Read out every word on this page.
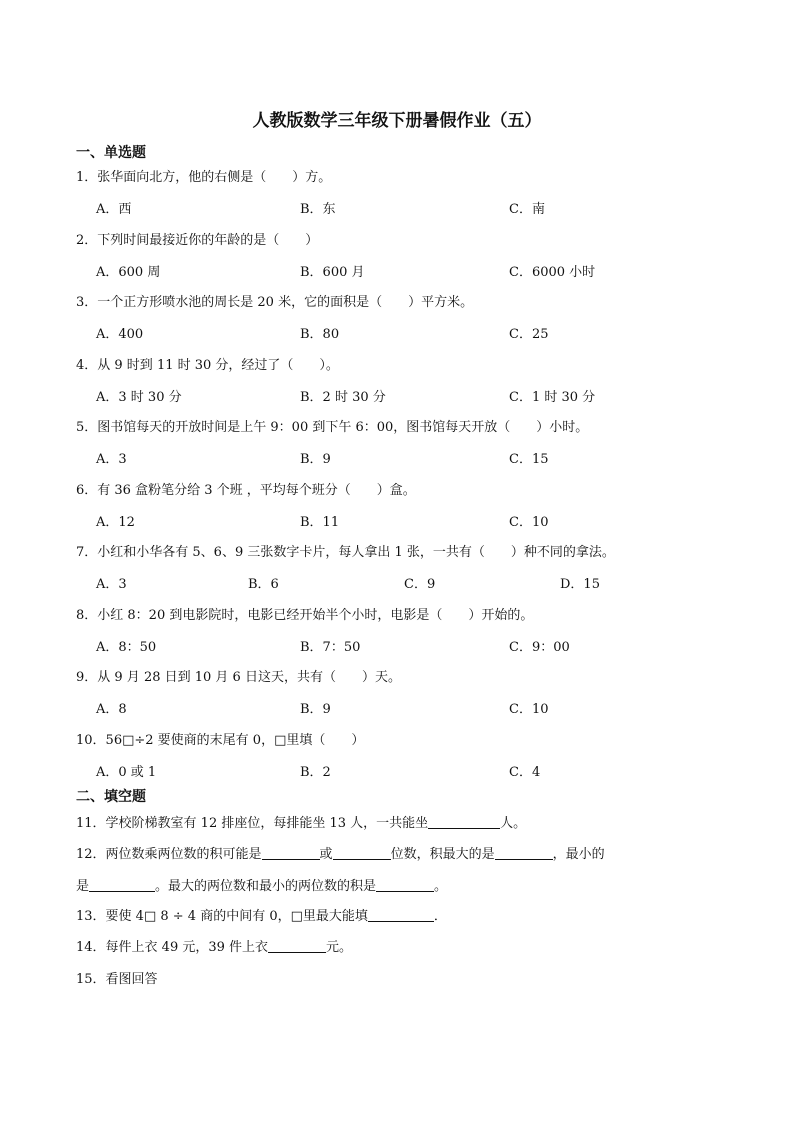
人教版数学三年级下册暑假作业（五）
一、单选题
1．张华面向北方，他的右侧是（　　）方。
A．西	B．东	C．南
2．下列时间最接近你的年龄的是（　　）
A．600 周	B．600 月	C．6000 小时
3．一个正方形喷水池的周长是 20 米，它的面积是（　　）平方米。
A．400	B．80	C．25
4．从 9 时到 11 时 30 分，经过了（　　）。
A．3 时 30 分	B．2 时 30 分	C．1 时 30 分
5．图书馆每天的开放时间是上午 9：00 到下午 6：00，图书馆每天开放（　　）小时。
A．3	B．9	C．15
6．有 36 盒粉笔分给 3 个班 ，平均每个班分（　　）盒。
A．12	B．11	C．10
7．小红和小华各有 5、6、9 三张数字卡片，每人拿出 1 张，一共有（　　）种不同的拿法。
A．3	B．6	C．9	D．15
8．小红 8：20 到电影院时，电影已经开始半个小时，电影是（　　）开始的。
A．8：50	B．7：50	C．9：00
9．从 9 月 28 日到 10 月 6 日这天，共有（　　）天。
A．8	B．9	C．10
10．56□÷2 要使商的末尾有 0，□里填（　　）
A．0 或 1	B．2	C．4
二、填空题
11．学校阶梯教室有 12 排座位，每排能坐 13 人，一共能坐	人。
12．两位数乘两位数的积可能是	或	位数，积最大的是	，最小的
是	。最大的两位数和最小的两位数的积是	。
13．要使 4□ 8 ÷ 4 商的中间有 0，□里最大能填	．
14．每件上衣 49 元，39 件上衣	元。
15．看图回答
